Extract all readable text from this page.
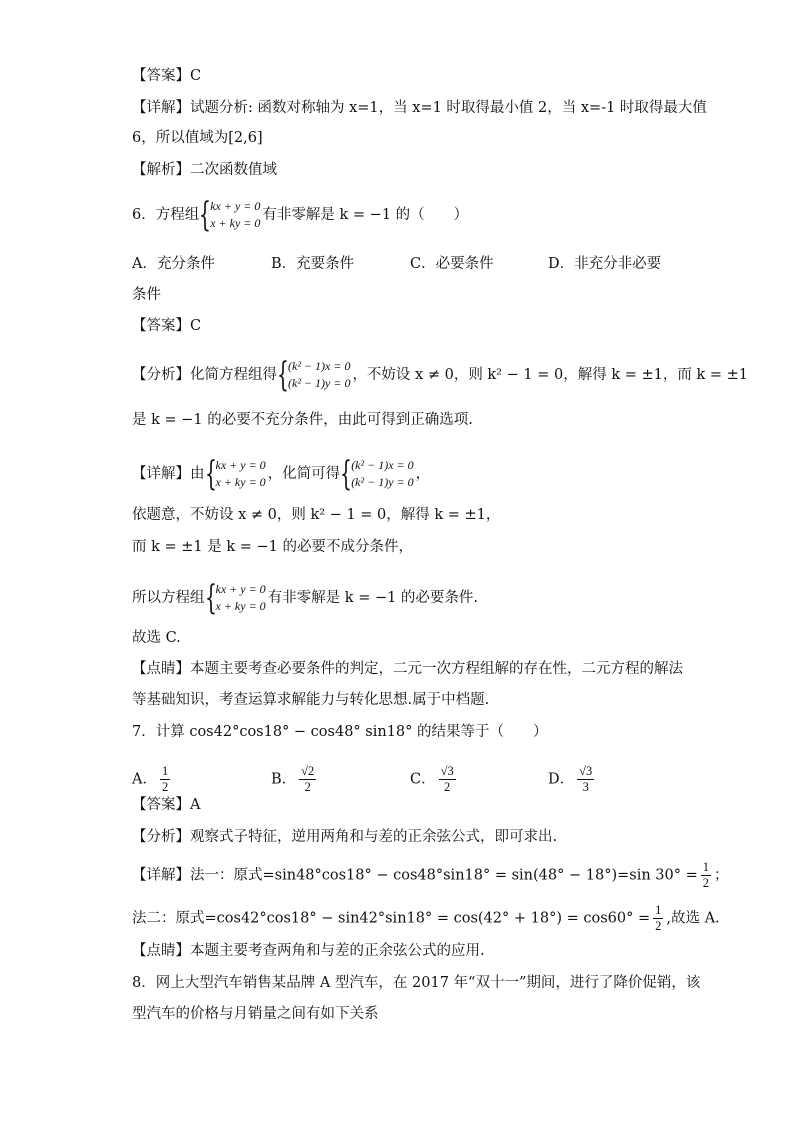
【答案】C
【详解】试题分析: 函数对称轴为 x=1，当 x=1 时取得最小值 2，当 x=-1 时取得最大值
6，所以值域为[2,6]
【解析】二次函数值域
6．方程组
{ kx + y = 0
x + ky = 0 有非零解是 k = −1 的（　　）
A．充分条件	B．充要条件	C．必要条件	D．非充分非必要
条件
【答案】C
【分析】化简方程组得
{ (k² − 1)x = 0
(k² − 1)y = 0 ，不妨设 x ≠ 0，则 k² − 1 = 0，解得 k = ±1，而 k = ±1
是 k = −1 的必要不充分条件，由此可得到正确选项.
【详解】由
{ kx + y = 0
x + ky = 0 ，化简可得
{ (k² − 1)x = 0
(k² − 1)y = 0 ，
依题意，不妨设 x ≠ 0，则 k² − 1 = 0，解得 k = ±1，
而 k = ±1 是 k = −1 的必要不成分条件，
所以方程组
{ kx + y = 0
x + ky = 0 有非零解是 k = −1 的必要条件.
故选 C.
【点睛】本题主要考查必要条件的判定，二元一次方程组解的存在性，二元方程的解法
等基础知识，考查运算求解能力与转化思想.属于中档题.
7．计算 cos42°cos18° − cos48° sin18° 的结果等于（　　）
A． $\frac{1}{2}$	B． $\frac{√2}{2}$	C． $\frac{√3}{2}$	D． $\frac{√3}{3}$
【答案】A
【分析】观察式子特征，逆用两角和与差的正余弦公式，即可求出.
【详解】法一：原式=sin48°cos18° − cos48°sin18° = sin(48° − 18°)=sin $30^\circ = \frac{1}{2}$ ；
法二：原式$=\cos 42^\circ\cos 18^\circ - \sin 42^\circ\sin 18^\circ = \cos(42^\circ + 18^\circ) = \cos 60^\circ = \frac{1}{2}$ ,故选 A.
【点睛】本题主要考查两角和与差的正余弦公式的应用.
8．网上大型汽车销售某品牌 A 型汽车，在 2017 年“双十一”期间，进行了降价促销，该
型汽车的价格与月销量之间有如下关系
